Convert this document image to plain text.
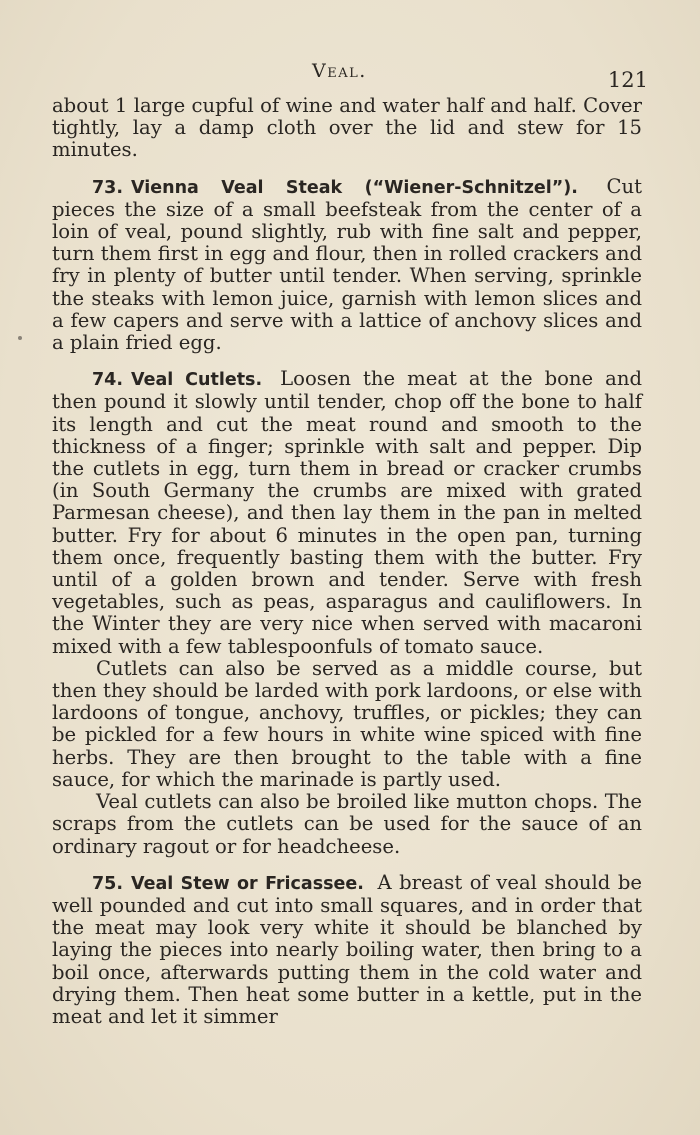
Veal.	121

about 1 large cupful of wine and water half and half. Cover tightly, lay a damp cloth over the lid and stew for 15 minutes.

73. Vienna Veal Steak (“Wiener-Schnitzel”). Cut pieces the size of a small beefsteak from the center of a loin of veal, pound slightly, rub with fine salt and pepper, turn them first in egg and flour, then in rolled crackers and fry in plenty of butter until tender. When serving, sprinkle the steaks with lemon juice, garnish with lemon slices and a few capers and serve with a lattice of anchovy slices and a plain fried egg.

74. Veal Cutlets. Loosen the meat at the bone and then pound it slowly until tender, chop off the bone to half its length and cut the meat round and smooth to the thickness of a finger; sprinkle with salt and pepper. Dip the cutlets in egg, turn them in bread or cracker crumbs (in South Germany the crumbs are mixed with grated Parmesan cheese), and then lay them in the pan in melted butter. Fry for about 6 minutes in the open pan, turning them once, frequently basting them with the butter. Fry until of a golden brown and tender. Serve with fresh vegetables, such as peas, asparagus and cauliflowers. In the Winter they are very nice when served with macaroni mixed with a few tablespoonfuls of tomato sauce.

Cutlets can also be served as a middle course, but then they should be larded with pork lardoons, or else with lardoons of tongue, anchovy, truffles, or pickles; they can be pickled for a few hours in white wine spiced with fine herbs. They are then brought to the table with a fine sauce, for which the marinade is partly used.

Veal cutlets can also be broiled like mutton chops. The scraps from the cutlets can be used for the sauce of an ordinary ragout or for headcheese.

75. Veal Stew or Fricassee. A breast of veal should be well pounded and cut into small squares, and in order that the meat may look very white it should be blanched by laying the pieces into nearly boiling water, then bring to a boil once, afterwards putting them in the cold water and drying them. Then heat some butter in a kettle, put in the meat and let it simmer
